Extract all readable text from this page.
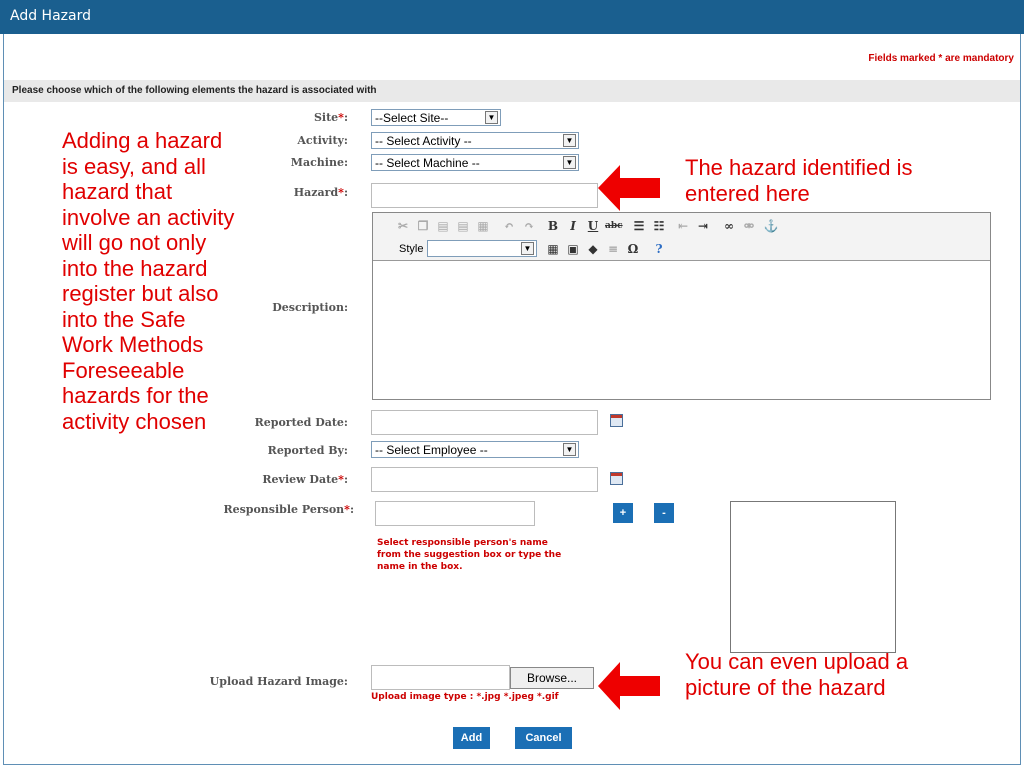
Add Hazard
Fields marked * are mandatory
Please choose which of the following elements the hazard is associated with
Site*: --Select Site--	▼
Activity: -- Select Activity --	▼
Machine: -- Select Machine --	▼
Hazard*:
Description:
✂ ❐ ▤ ▤ ▦ ↶ ↷ B	I U abc ☰ ☷ ⇤ ⇥ ∞ ⚮ ⚓
Style	▼ ▦ ▣ ◆ ≡ Ω	?
Reported Date:
Reported By: -- Select Employee --	▼
Review Date*:
Responsible Person*:	+	-
Select responsible person's name
from the suggestion box or type the
name in the box.
Upload Hazard Image:	Browse...
Upload image type : *.jpg *.jpeg *.gif
Add	Cancel
Adding a hazard
is easy, and all
hazard that
involve an activity
will go not only
into the hazard
register but also
into the Safe
Work Methods
Foreseeable
hazards for the
activity chosen
The hazard identified is
entered here
You can even upload a
picture of the hazard
